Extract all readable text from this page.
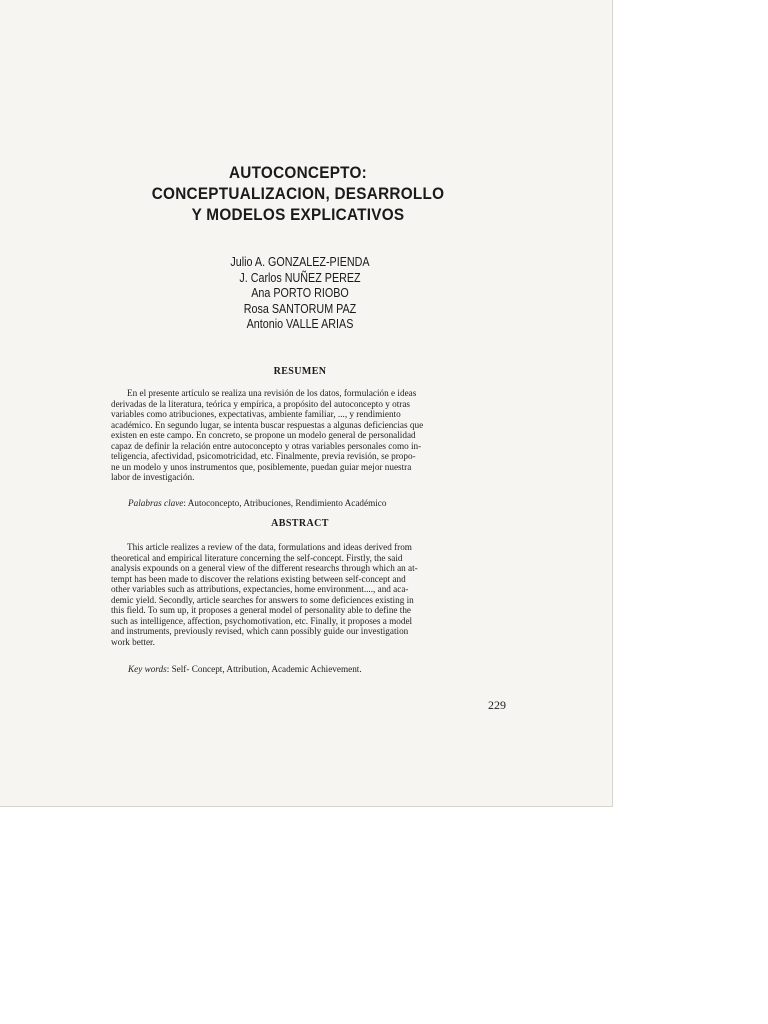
AUTOCONCEPTO:
CONCEPTUALIZACION, DESARROLLO
Y MODELOS EXPLICATIVOS
Julio A. GONZALEZ-PIENDA
J. Carlos NUÑEZ PEREZ
Ana PORTO RIOBO
Rosa SANTORUM PAZ
Antonio VALLE ARIAS
RESUMEN
En el presente artículo se realiza una revisión de los datos, formulación e ideas
derivadas de la literatura, teórica y empírica, a propósito del autoconcepto y otras
variables como atribuciones, expectativas, ambiente familiar, ..., y rendimiento
académico. En segundo lugar, se intenta buscar respuestas a algunas deficiencias que
existen en este campo. En concreto, se propone un modelo general de personalidad
capaz de definir la relación entre autoconcepto y otras variables personales como in-
teligencia, afectividad, psicomotricidad, etc. Finalmente, previa revisión, se propo-
ne un modelo y unos instrumentos que, posiblemente, puedan guiar mejor nuestra
labor de investigación.
Palabras clave: Autoconcepto, Atribuciones, Rendimiento Académico
ABSTRACT
This article realizes a review of the data, formulations and ideas derived from
theoretical and empirical literature concerning the self-concept. Firstly, the said
analysis expounds on a general view of the different researchs through which an at-
tempt has been made to discover the relations existing between self-concept and
other variables such as attributions, expectancies, home environment...., and aca-
demic yield. Secondly, article searches for answers to some deficiences existing in
this field. To sum up, it proposes a general model of personality able to define the
such as intelligence, affection, psychomotivation, etc. Finally, it proposes a model
and instruments, previously revised, which cann possibly guide our investigation
work better.
Key words: Self- Concept, Attribution, Academic Achievement.
229
